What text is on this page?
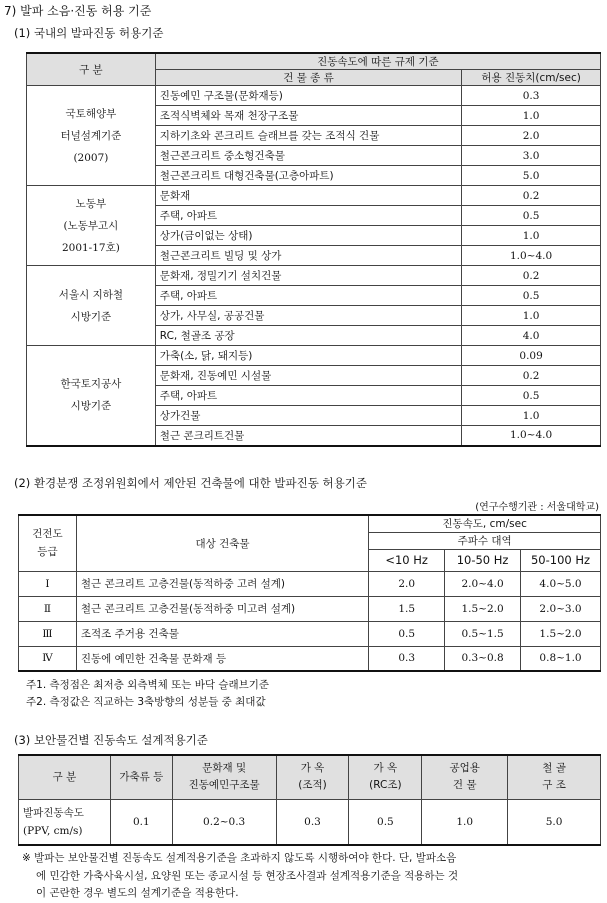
7) 발파 소음·진동 허용 기준
(1) 국내의 발파진동 허용기준
구 분	진동속도에 따른 규제 기준	
	건 물 종 류	허용 진동치(cm/sec)
국토해양부
터널설계기준
(2007)	진동예민 구조물(문화재등)	0.3
	조적식벽체와 목재 천장구조물	1.0
	지하기초와 콘크리트 슬래브를 갖는 조적식 건물	2.0
	철근콘크리트 중소형건축물	3.0
	철근콘크리트 대형건축물(고층아파트)	5.0
노동부
(노동부고시
2001-17호)	문화재	0.2
	주택, 아파트	0.5
	상가(금이없는 상태)	1.0
	철근콘크리트 빌딩 및 상가	1.0~4.0
서울시 지하철
시방기준	문화재, 정밀기기 설치건물	0.2
	주택, 아파트	0.5
	상가, 사무실, 공공건물	1.0
	RC, 철골조 공장	4.0
한국토지공사
시방기준	가축(소, 닭, 돼지등)	0.09
	문화재, 진동예민 시설물	0.2
	주택, 아파트	0.5
	상가건물	1.0
	철근 콘크리트건물	1.0~4.0
(2) 환경분쟁 조정위원회에서 제안된 건축물에 대한 발파진동 허용기준
(연구수행기관 : 서울대학교)
건전도
등급	대상 건축물	진동속도, cm/sec		
		주파수 대역		
		<10 Hz	10-50 Hz	50-100 Hz
Ⅰ	철근 콘크리트 고층건물(동적하중 고려 설계)	2.0	2.0~4.0	4.0~5.0
Ⅱ	철근 콘크리트 고층건물(동적하중 미고려 설계)	1.5	1.5~2.0	2.0~3.0
Ⅲ	조적조 주거용 건축물	0.5	0.5~1.5	1.5~2.0
Ⅳ	진동에 예민한 건축물 문화재 등	0.3	0.3~0.8	0.8~1.0
주1. 측정점은 최저층 외측벽체 또는 바닥 슬래브기준
주2. 측정값은 직교하는 3축방향의 성분들 중 최대값
(3) 보안물건별 진동속도 설계적용기준
구 분	가축류 등	문화재 및
진동예민구조물	가 옥
(조적)	가 옥
(RC조)	공업용
건 물	철 골
구 조
발파진동속도
(PPV, cm/s)	0.1	0.2~0.3	0.3	0.5	1.0	5.0
※ 발파는 보안물건별 진동속도 설계적용기준을 초과하지 않도록 시행하여야 한다. 단, 발파소음
에 민감한 가축사육시설, 요양원 또는 종교시설 등 현장조사결과 설계적용기준을 적용하는 것
이 곤란한 경우 별도의 설계기준을 적용한다.
